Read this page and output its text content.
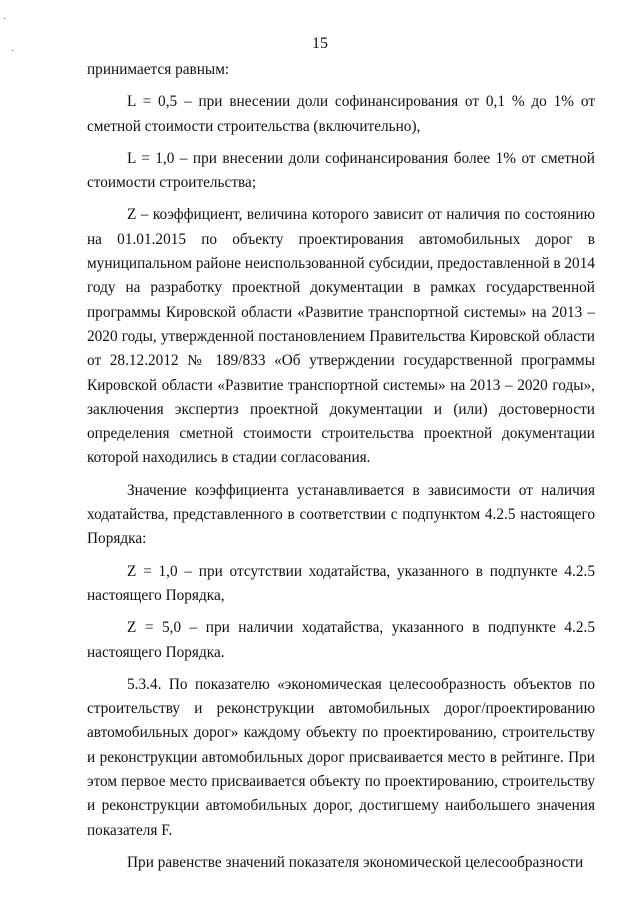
·
·	15

принимается равным:

L = 0,5 – при внесении доли софинансирования от 0,1 % до 1% от сметной стоимости строительства (включительно),

L = 1,0 – при внесении доли софинансирования более 1% от сметной стоимости строительства;

Z – коэффициент, величина которого зависит от наличия по состоянию на 01.01.2015 по объекту проектирования автомобильных дорог в муниципальном районе неиспользованной субсидии, предоставленной в 2014 году на разработку проектной документации в рамках государственной программы Кировской области «Развитие транспортной системы» на 2013 – 2020 годы, утвержденной постановлением Правительства Кировской области от 28.12.2012 № 189/833 «Об утверждении государственной программы Кировской области «Развитие транспортной системы» на 2013 – 2020 годы», заключения экспертиз проектной документации и (или) достоверности определения сметной стоимости строительства проектной документации которой находились в стадии согласования.

Значение коэффициента устанавливается в зависимости от наличия ходатайства, представленного в соответствии с подпунктом 4.2.5 настоящего Порядка:

Z = 1,0 – при отсутствии ходатайства, указанного в подпункте 4.2.5 настоящего Порядка,

Z = 5,0 – при наличии ходатайства, указанного в подпункте 4.2.5 настоящего Порядка.

5.3.4. По показателю «экономическая целесообразность объектов по строительству и реконструкции автомобильных дорог/проектированию автомобильных дорог» каждому объекту по проектированию, строительству и реконструкции автомобильных дорог присваивается место в рейтинге. При этом первое место присваивается объекту по проектированию, строительству и реконструкции автомобильных дорог, достигшему наибольшего значения показателя F.

При равенстве значений показателя экономической целесообразности
